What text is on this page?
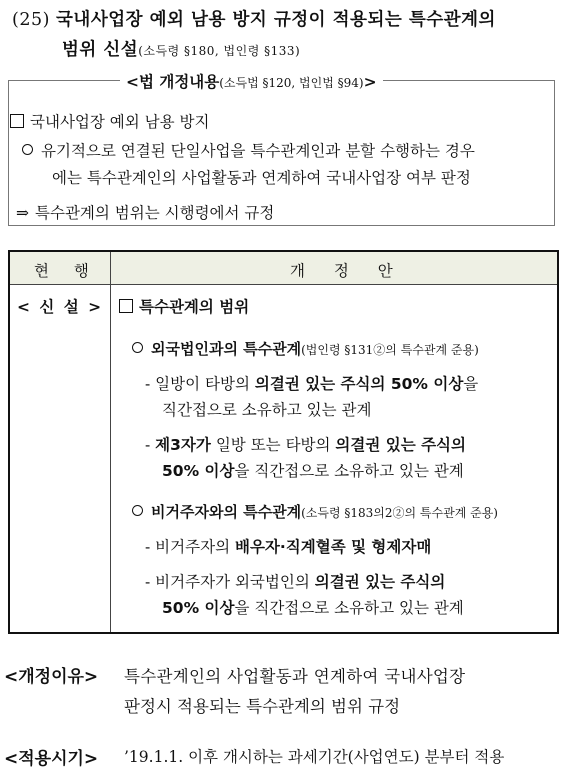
(25) 국내사업장 예외 남용 방지 규정이 적용되는 특수관계의
범위 신설(소득령 §180, 법인령 §133)
<법 개정내용(소득법 §120, 법인법 §94)>
국내사업장 예외 남용 방지
유기적으로 연결된 단일사업을 특수관계인과 분할 수행하는 경우
에는 특수관계인의 사업활동과 연계하여 국내사업장 여부 판정
⇒ 특수관계의 범위는 시행령에서 규정
현 행	개 정 안
< 신 설 >	특수관계의 범위
외국법인과의 특수관계(법인령 §131②의 특수관계 준용)
- 일방이 타방의 의결권 있는 주식의 50% 이상을
직간접으로 소유하고 있는 관계
- 제3자가 일방 또는 타방의 의결권 있는 주식의
50% 이상을 직간접으로 소유하고 있는 관계
비거주자와의 특수관계(소득령 §183의2②의 특수관계 준용)
- 비거주자의 배우자·직계혈족 및 형제자매
- 비거주자가 외국법인의 의결권 있는 주식의
50% 이상을 직간접으로 소유하고 있는 관계
<개정이유> 특수관계인의 사업활동과 연계하여 국내사업장
판정시 적용되는 특수관계의 범위 규정
<적용시기> ’19.1.1. 이후 개시하는 과세기간(사업연도) 분부터 적용
